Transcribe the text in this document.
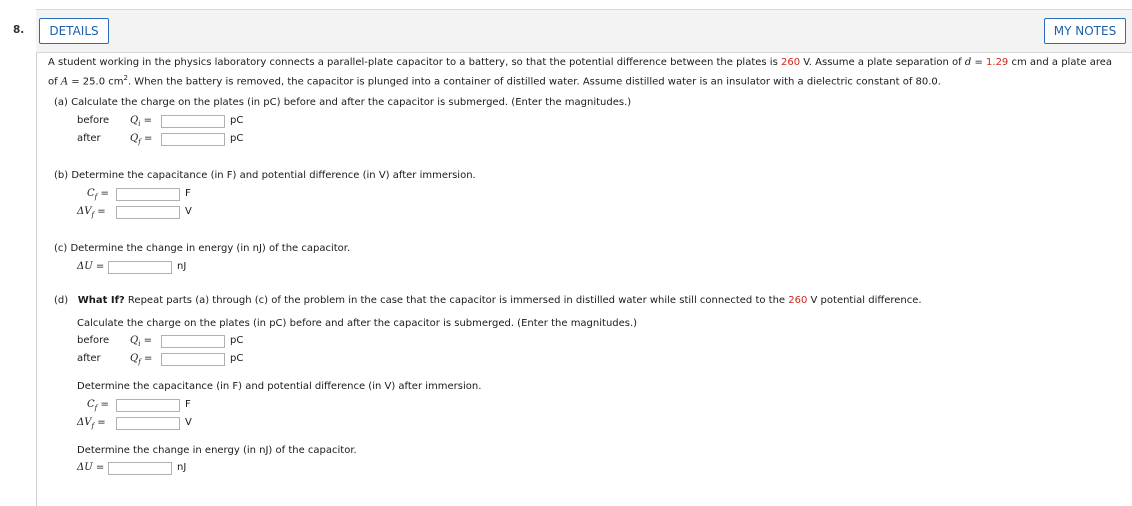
8.	DETAILS	MY NOTES
A student working in the physics laboratory connects a parallel-plate capacitor to a battery, so that the potential difference between the plates is 260 V. Assume a plate separation of d = 1.29 cm and a plate area
of A = 25.0 $cm^2$. When the battery is removed, the capacitor is plunged into a container of distilled water. Assume distilled water is an insulator with a dielectric constant of 80.0.
(a) Calculate the charge on the plates (in pC) before and after the capacitor is submerged. (Enter the magnitudes.)
before $Q_i$ =	pC
after	$Q_f$ =	pC
(b) Determine the capacitance (in F) and potential difference (in V) after immersion.
$C_f$ =	F
$\Delta V_f$ =	V
(c) Determine the change in energy (in nJ) of the capacitor.
ΔU =	nJ
(d) What If? Repeat parts (a) through (c) of the problem in the case that the capacitor is immersed in distilled water while still connected to the 260 V potential difference.
Calculate the charge on the plates (in pC) before and after the capacitor is submerged. (Enter the magnitudes.)
before $Q_i$ =	pC
after	$Q_f$ =	pC
Determine the capacitance (in F) and potential difference (in V) after immersion.
$C_f$ =	F
$\Delta V_f$ =	V
Determine the change in energy (in nJ) of the capacitor.
ΔU =	nJ
